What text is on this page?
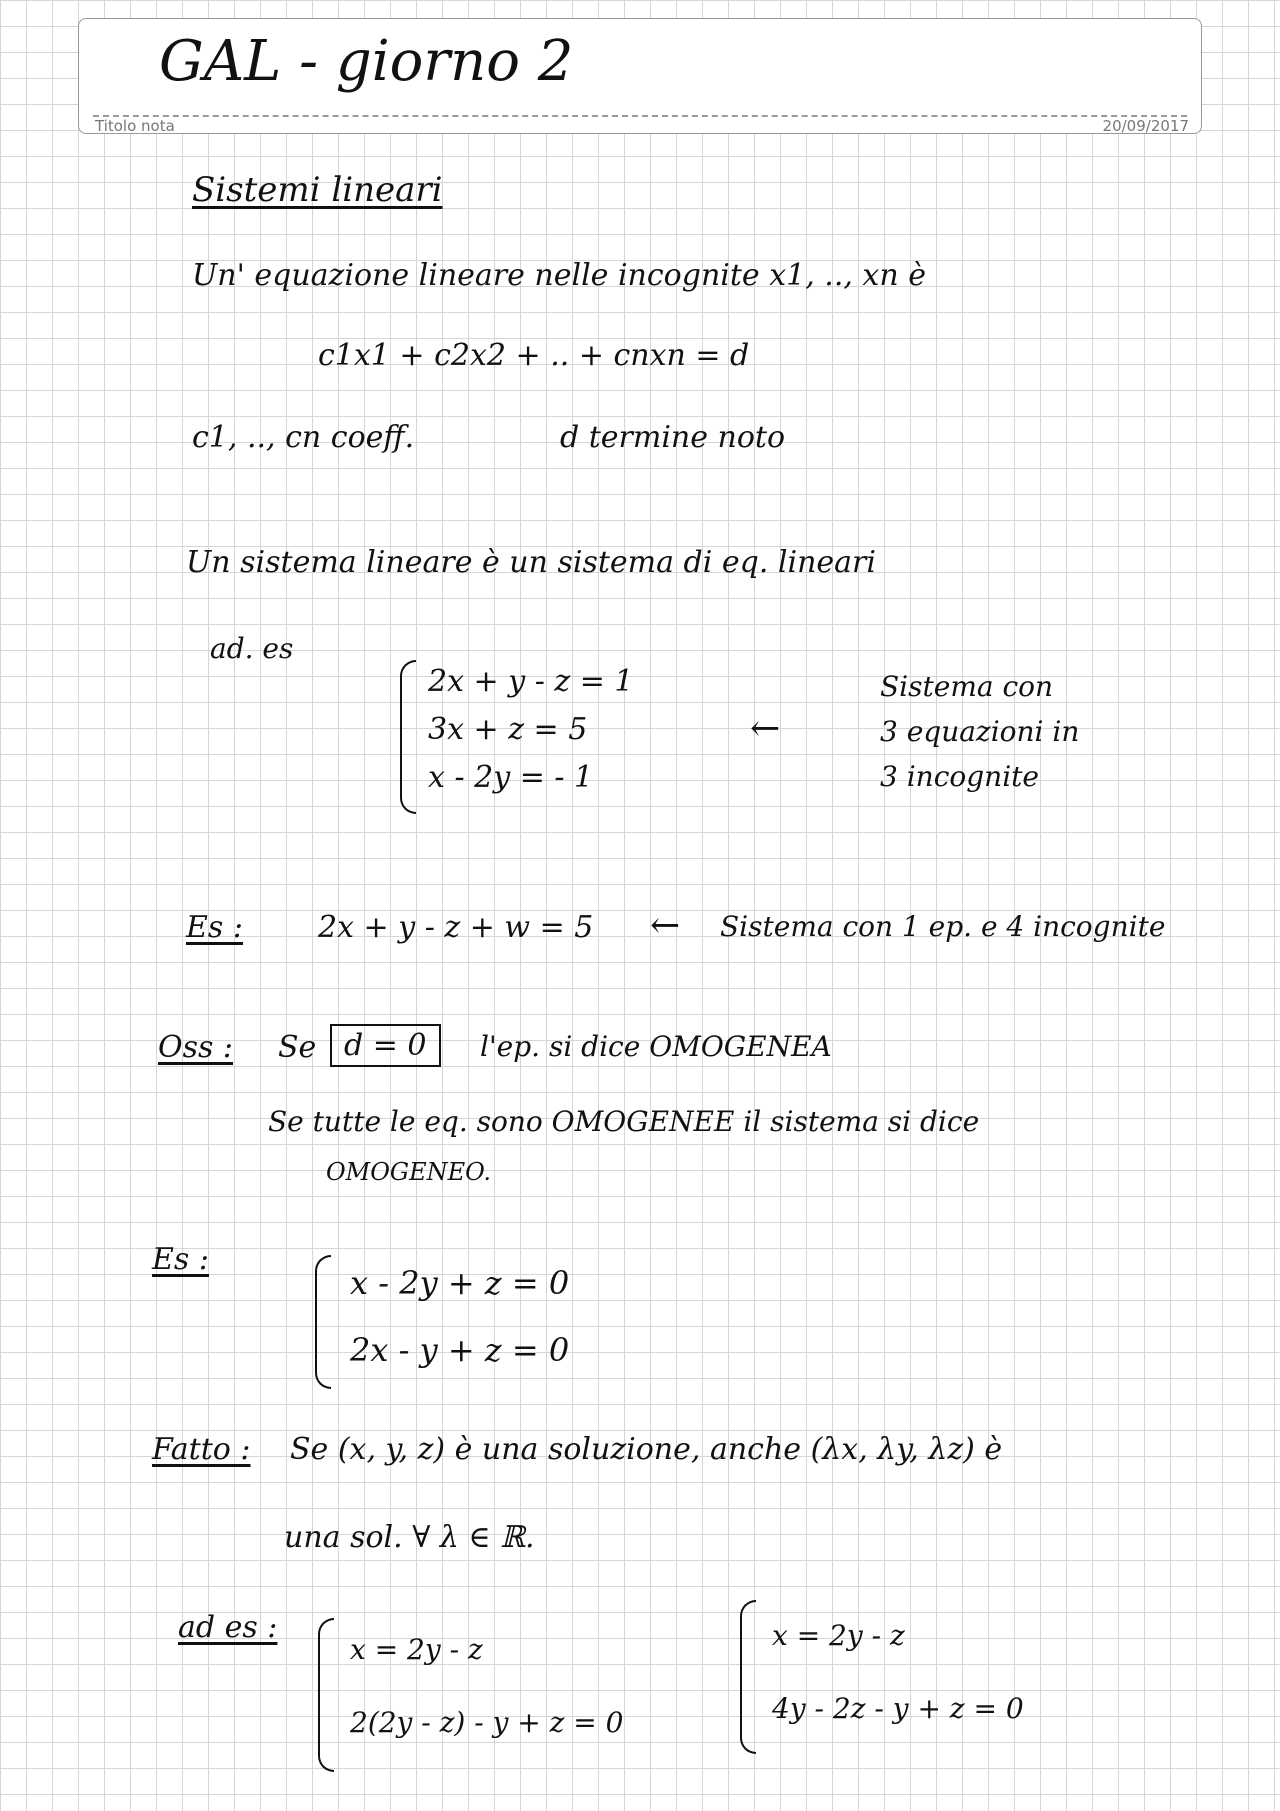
GAL - giorno 2
Titolo nota	20/09/2017
Sistemi lineari
Un' equazione lineare nelle incognite x1, .., xn è
c1x1 + c2x2 + .. + cnxn = d
c1, .., cn coeff.	d termine noto
Un sistema lineare è un sistema di eq. lineari
ad. es
2x + y - z = 1
3x + z = 5
x - 2y = - 1
←
Sistema con
3 equazioni in
3 incognite
Es :	2x + y - z + w = 5 ← Sistema con 1 ep. e 4 incognite
Oss : Se d = 0	l'ep. si dice OMOGENEA
Se tutte le eq. sono OMOGENEE il sistema si dice
OMOGENEO.
Es :
x - 2y + z = 0
2x - y + z = 0
Fatto : Se (x, y, z) è una soluzione, anche (λx, λy, λz) è
una sol. ∀ λ ∈ ℝ.
ad es :
x = 2y - z
2(2y - z) - y + z = 0
x = 2y - z
4y - 2z - y + z = 0
